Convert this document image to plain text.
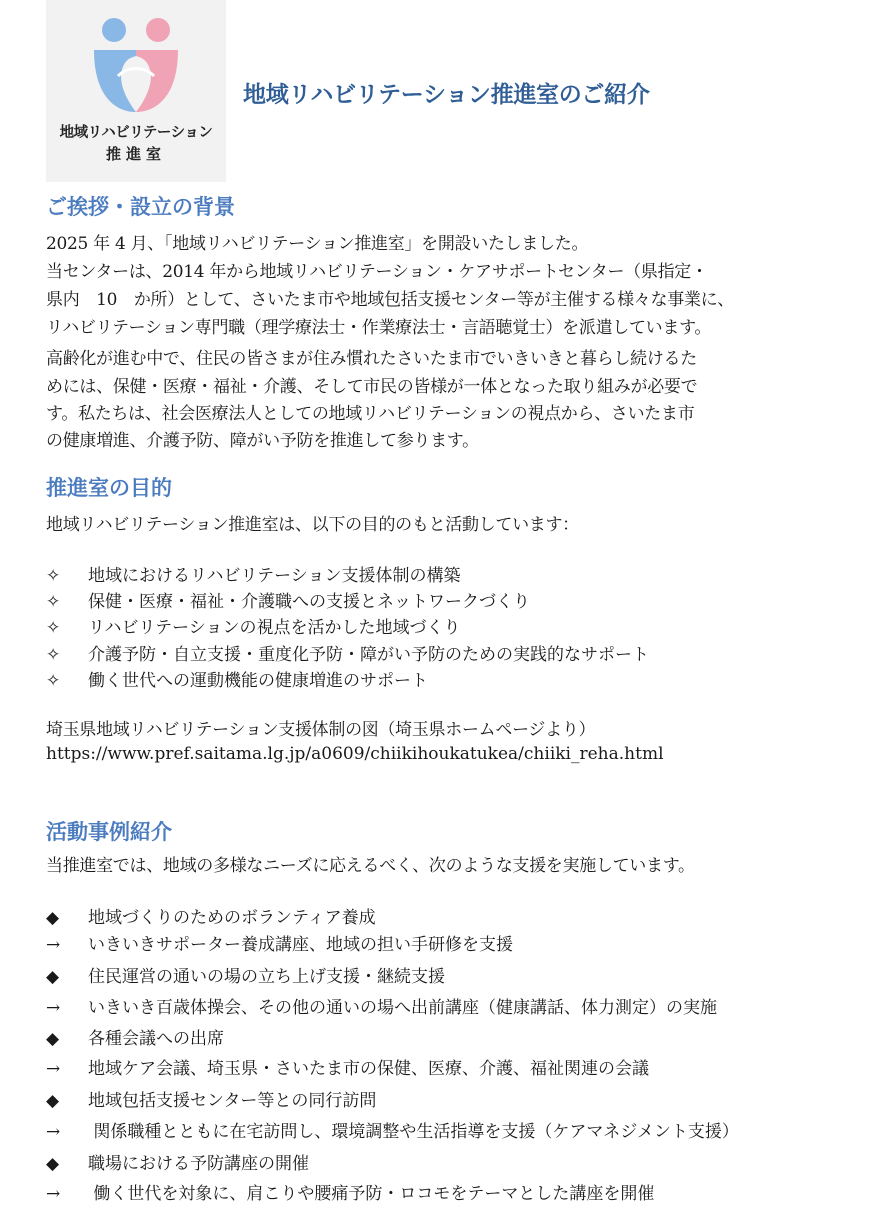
地域リハビリテーション
推進室
地域リハビリテーション推進室のご紹介
ご挨拶・設立の背景

2025 年 4 月、「地域リハビリテーション推進室」を開設いたしました。

当センターは、2014 年から地域リハビリテーション・ケアサポートセンター（県指定・

県内　10　か所）として、さいたま市や地域包括支援センター等が主催する様々な事業に、

リハビリテーション専門職（理学療法士・作業療法士・言語聴覚士）を派遣しています。

高齢化が進む中で、住民の皆さまが住み慣れたさいたま市でいきいきと暮らし続けるた

めには、保健・医療・福祉・介護、そして市民の皆様が一体となった取り組みが必要で

す。私たちは、社会医療法人としての地域リハビリテーションの視点から、さいたま市

の健康増進、介護予防、障がい予防を推進して参ります。

推進室の目的

地域リハビリテーション推進室は、以下の目的のもと活動しています：

✧ 地域におけるリハビリテーション支援体制の構築

✧ 保健・医療・福祉・介護職への支援とネットワークづくり

✧ リハビリテーションの視点を活かした地域づくり

✧ 介護予防・自立支援・重度化予防・障がい予防のための実践的なサポート

✧ 働く世代への運動機能の健康増進のサポート

埼玉県地域リハビリテーション支援体制の図（埼玉県ホームページより）

https://www.pref.saitama.lg.jp/a0609/chiikihoukatukea/chiiki_reha.html

活動事例紹介

当推進室では、地域の多様なニーズに応えるべく、次のような支援を実施しています。

◆ 地域づくりのためのボランティア養成

→ いきいきサポーター養成講座、地域の担い手研修を支援

◆ 住民運営の通いの場の立ち上げ支援・継続支援

→ いきいき百歳体操会、その他の通いの場へ出前講座（健康講話、体力測定）の実施

◆ 各種会議への出席

→ 地域ケア会議、埼玉県・さいたま市の保健、医療、介護、福祉関連の会議

◆ 地域包括支援センター等との同行訪問

→ 関係職種とともに在宅訪問し、環境調整や生活指導を支援（ケアマネジメント支援）

◆ 職場における予防講座の開催

→ 働く世代を対象に、肩こりや腰痛予防・ロコモをテーマとした講座を開催
